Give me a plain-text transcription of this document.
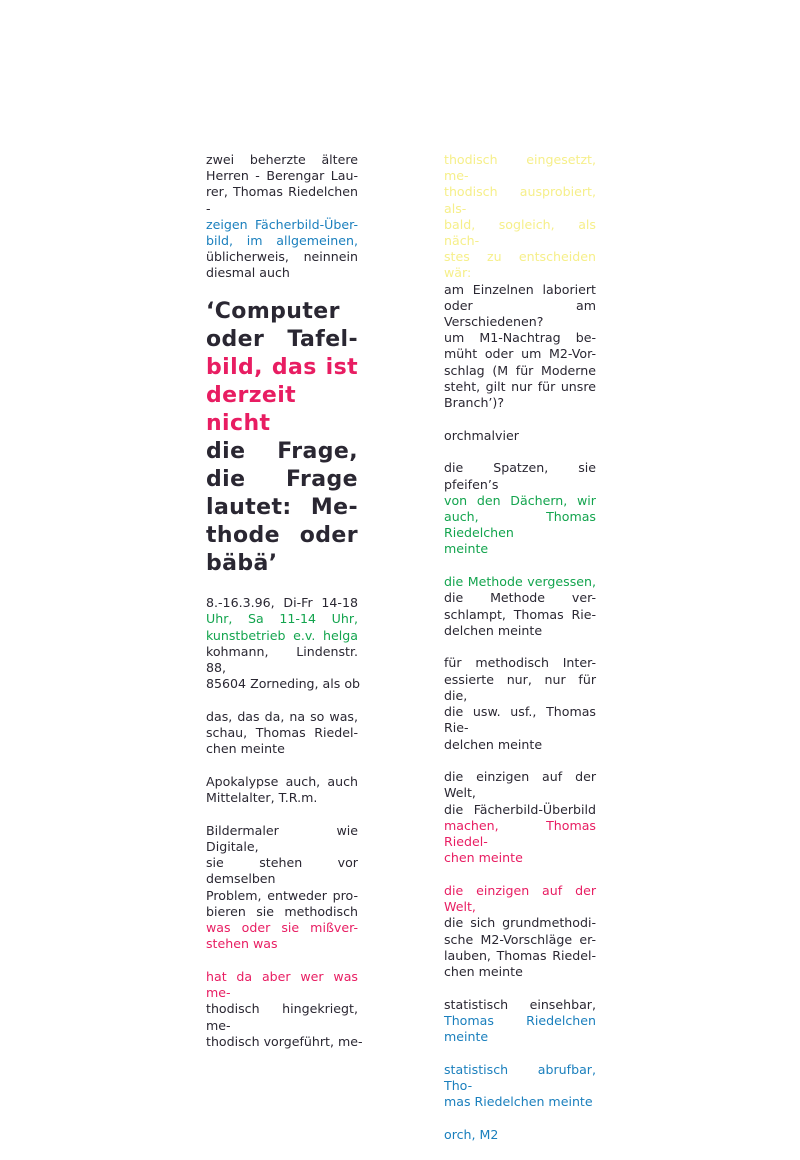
zwei beherzte ältere
Herren - Berengar Lau-
rer, Thomas Riedelchen -
zeigen Fächerbild-Über-
bild, im allgemeinen,
üblicherweis, neinnein
diesmal auch

‘Computer
oder Tafel-
bild, das ist
derzeit nicht
die Frage,
die Frage
lautet: Me-
thode oder
bäbä’

8.-16.3.96, Di-Fr 14-18
Uhr, Sa 11-14 Uhr,
kunstbetrieb e.v. helga
kohmann, Lindenstr. 88,
85604 Zorneding, als ob

das, das da, na so was,
schau, Thomas Riedel-
chen meinte

Apokalypse auch, auch
Mittelalter, T.R.m.

Bildermaler wie Digitale,
sie stehen vor demselben
Problem, entweder pro-
bieren sie methodisch
was oder sie mißver-
stehen was

hat da aber wer was me-
thodisch hingekriegt, me-
thodisch vorgeführt, me-

thodisch eingesetzt, me-
thodisch ausprobiert, als-
bald, sogleich, als näch-
stes zu entscheiden wär:
am Einzelnen laboriert
oder am Verschiedenen?
um M1-Nachtrag be-
müht oder um M2-Vor-
schlag (M für Moderne
steht, gilt nur für unsre
Branch’)?

orchmalvier

die Spatzen, sie pfeifen’s
von den Dächern, wir
auch, Thomas Riedelchen
meinte

die Methode vergessen,
die Methode ver-
schlampt, Thomas Rie-
delchen meinte

für methodisch Inter-
essierte nur, nur für die,
die usw. usf., Thomas Rie-
delchen meinte

die einzigen auf der Welt,
die Fächerbild-Überbild
machen, Thomas Riedel-
chen meinte

die einzigen auf der Welt,
die sich grundmethodi-
sche M2-Vorschläge er-
lauben, Thomas Riedel-
chen meinte

statistisch einsehbar,
Thomas Riedelchen
meinte

statistisch abrufbar, Tho-
mas Riedelchen meinte

orch, M2
